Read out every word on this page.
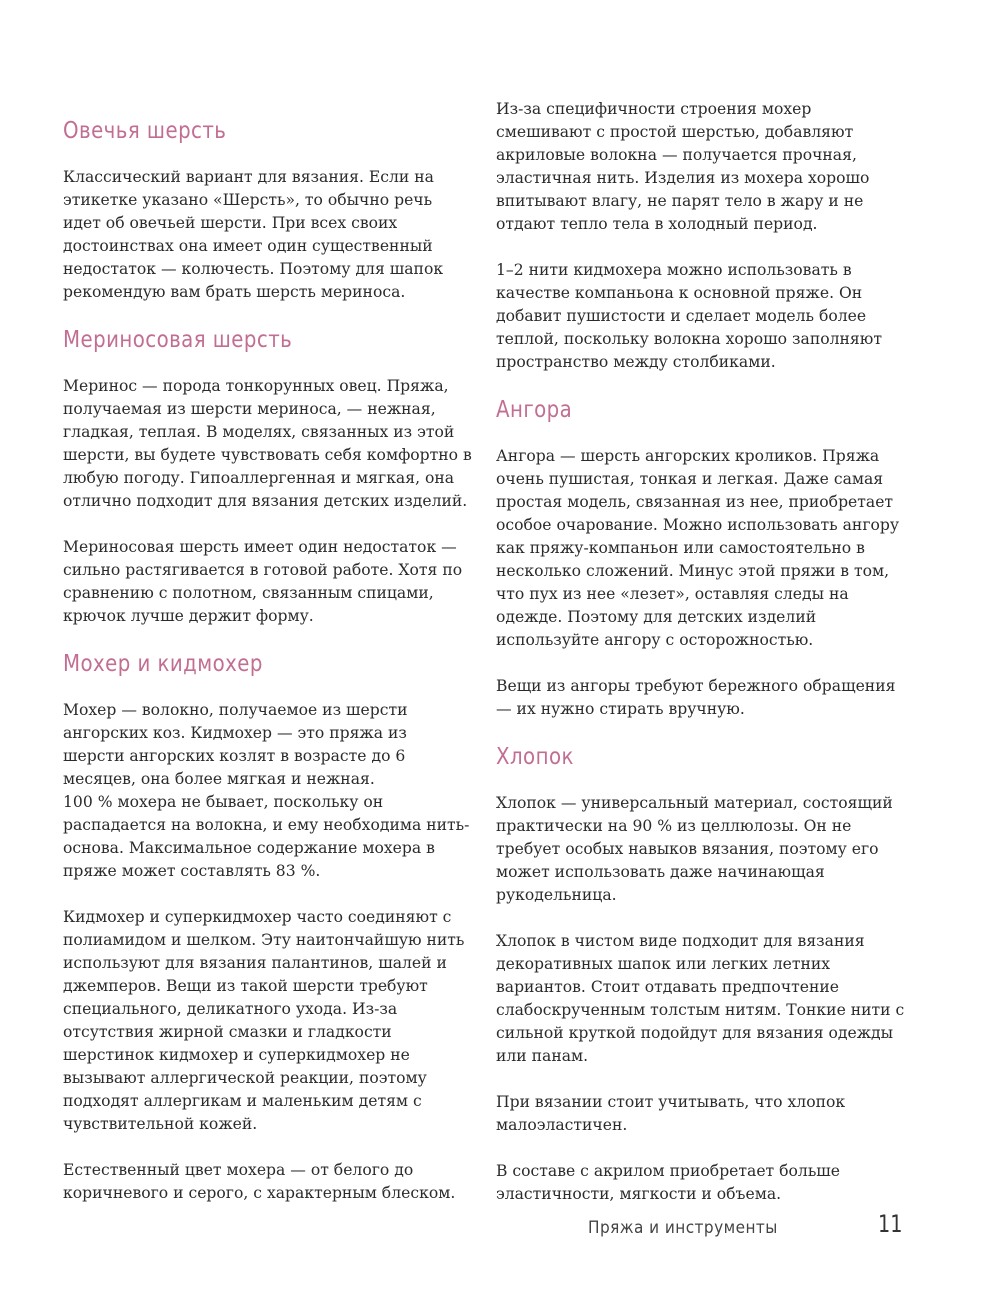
Овечья шерсть

Классический вариант для вязания. Если на этикетке указано «Шерсть», то обычно речь идет об овечьей шерсти. При всех своих достоинствах она имеет один существенный недостаток — колючесть. Поэтому для шапок рекомендую вам брать шерсть мериноса.

Мериносовая шерсть

Меринос — порода тонкорунных овец. Пряжа, получаемая из шерсти мериноса, — нежная, гладкая, теплая. В моделях, связанных из этой шерсти, вы будете чувствовать себя комфортно в любую погоду. Гипоаллергенная и мягкая, она отлично подходит для вязания детских изделий.

Мериносовая шерсть имеет один недостаток — сильно растягивается в готовой работе. Хотя по сравнению с полотном, связанным спицами, крючок лучше держит форму.

Мохер и кидмохер

Мохер — волокно, получаемое из шерсти ангорских коз. Кидмохер — это пряжа из шерсти ангорских козлят в возрасте до 6 месяцев, она более мягкая и нежная.

100 % мохера не бывает, поскольку он распадается на волокна, и ему необходима нить-основа. Максимальное содержание мохера в пряже может составлять 83 %.

Кидмохер и суперкидмохер часто соединяют с полиамидом и шелком. Эту наитончайшую нить используют для вязания палантинов, шалей и джемперов. Вещи из такой шерсти требуют специального, деликатного ухода. Из-за отсутствия жирной смазки и гладкости шерстинок кидмохер и суперкидмохер не вызывают аллергической реакции, поэтому подходят аллергикам и маленьким детям с чувствительной кожей.

Естественный цвет мохера — от белого до коричневого и серого, с характерным блеском.

Из-за специфичности строения мохер смешивают с простой шерстью, добавляют акриловые волокна — получается прочная, эластичная нить. Изделия из мохера хорошо впитывают влагу, не парят тело в жару и не отдают тепло тела в холодный период.

1–2 нити кидмохера можно использовать в качестве компаньона к основной пряже. Он добавит пушистости и сделает модель более теплой, поскольку волокна хорошо заполняют пространство между столбиками.

Ангора

Ангора — шерсть ангорских кроликов. Пряжа очень пушистая, тонкая и легкая. Даже самая простая модель, связанная из нее, приобретает особое очарование. Можно использовать ангору как пряжу-компаньон или самостоятельно в несколько сложений. Минус этой пряжи в том, что пух из нее «лезет», оставляя следы на одежде. Поэтому для детских изделий используйте ангору с осторожностью.

Вещи из ангоры требуют бережного обращения — их нужно стирать вручную.

Хлопок

Хлопок — универсальный материал, состоящий практически на 90 % из целлюлозы. Он не требует особых навыков вязания, поэтому его может использовать даже начинающая рукодельница.

Хлопок в чистом виде подходит для вязания декоративных шапок или легких летних вариантов. Стоит отдавать предпочтение слабоскрученным толстым нитям. Тонкие нити с сильной круткой подойдут для вязания одежды или панам.

При вязании стоит учитывать, что хлопок малоэластичен.

В составе с акрилом приобретает больше эластичности, мягкости и объема.

Пряжа и инструменты	11
